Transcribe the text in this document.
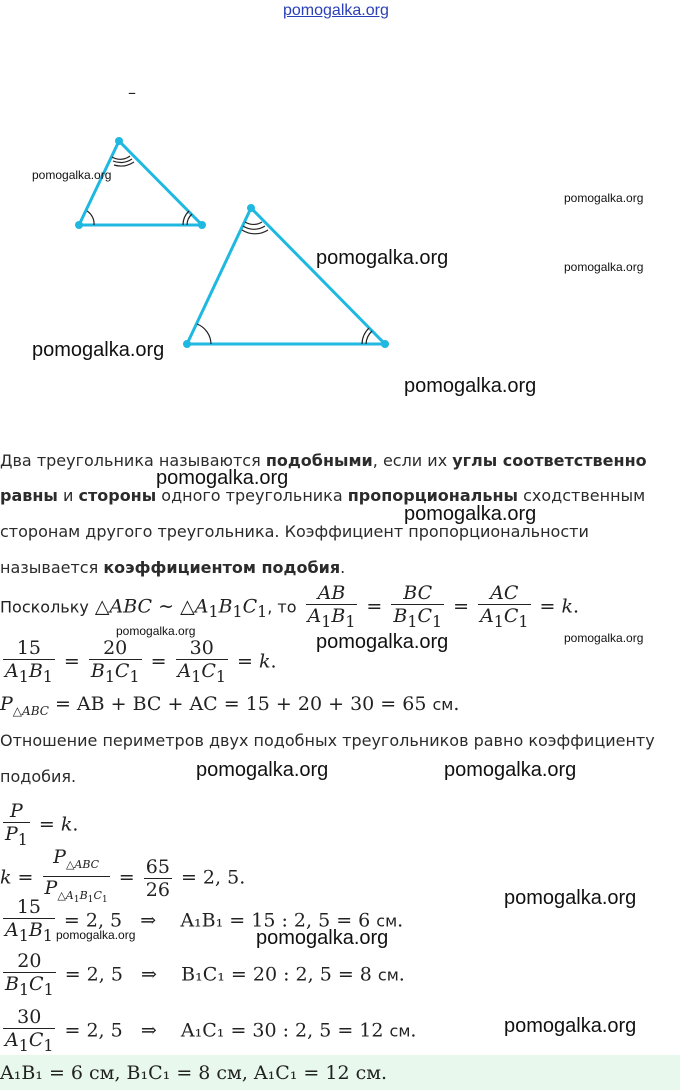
pomogalka.org
–
pomogalka.org
pomogalka.org
pomogalka.org	pomogalka.org
pomogalka.org
pomogalka.org
pomogalka.org
pomogalka.org
pomogalka.org	pomogalka.org	pomogalka.org
pomogalka.org	pomogalka.org
pomogalka.org
pomogalka.org	pomogalka.org
pomogalka.org
Два треугольника называются подобными, если их углы соответственно
равны и стороны одного треугольника пропорциональны сходственным
сторонам другого треугольника. Коэффициент пропорциональности
называется коэффициентом подобия.
Поскольку △ABC ∼ $\triangle A_1B_1C_1$, то $\frac{AB}{A_1B_1} = \frac{BC}{B_1C_1} = \frac{AC}{A_1C_1} = k$.
$\frac{15}{A_1B_1} = \frac{20}{B_1C_1} = \frac{30}{A_1C_1} = k$.
$P_{\triangle ABC}$ = AB + BC + AC = 15 + 20 + 30 = 65 см.
Отношение периметров двух подобных треугольников равно коэффициенту
подобия.
$\frac{P}{P_1} = k$.
$k = \frac{P_{\triangle ABC}}{P_{\triangle A_1B_1C_1}} = \frac{65}{26} = 2$, 5.
$\frac{15}{A_1B_1} = 2$, 5   ⇒    A₁B₁ = 15 : 2, 5 = 6 см.
$\frac{20}{B_1C_1} = 2$, 5   ⇒    B₁C₁ = 20 : 2, 5 = 8 см.
$\frac{30}{A_1C_1} = 2$, 5   ⇒    A₁C₁ = 30 : 2, 5 = 12 см.
A₁B₁ = 6 см, B₁C₁ = 8 см, A₁C₁ = 12 см.
